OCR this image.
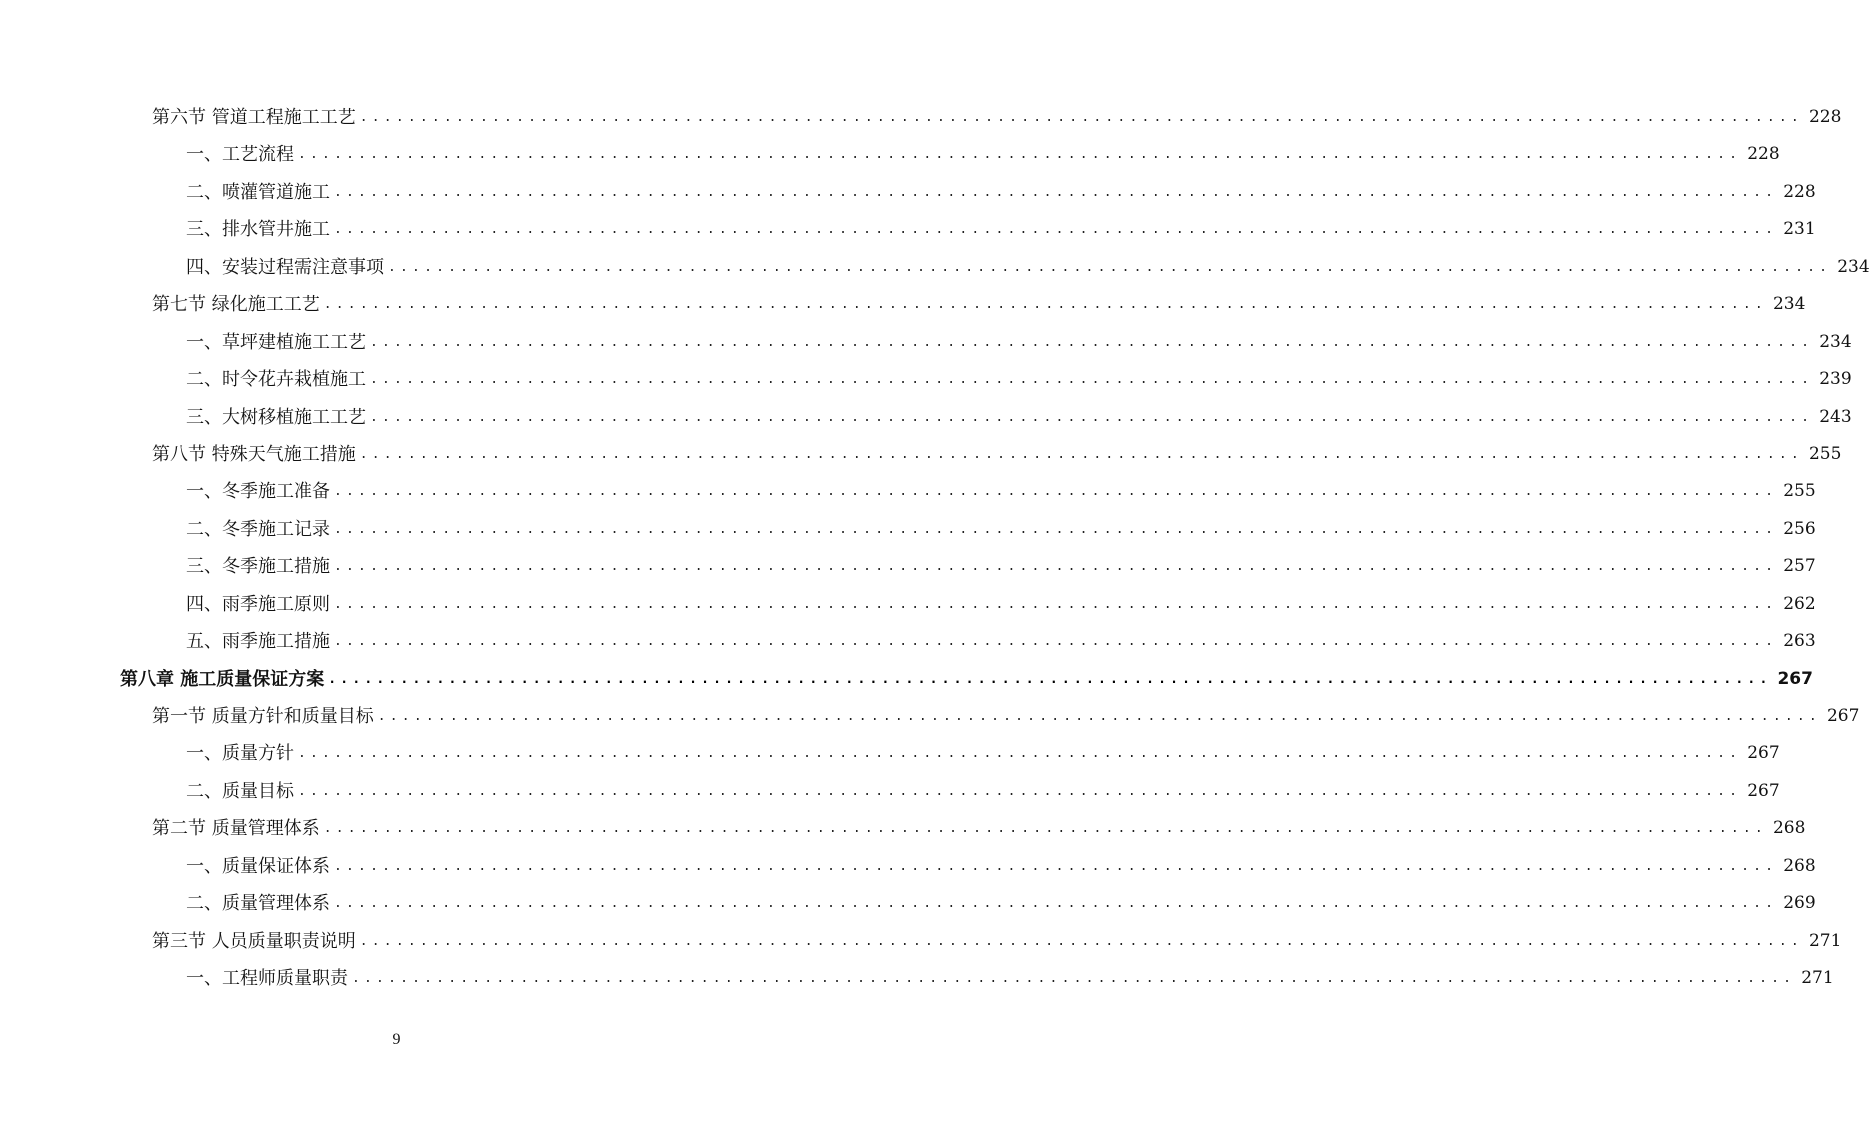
第六节 管道工程施工工艺 ........................................................................................................................ 228
一、工艺流程 ........................................................................................................................ 228
二、喷灌管道施工 ........................................................................................................................ 228
三、排水管井施工 ........................................................................................................................ 231
四、安装过程需注意事项 ........................................................................................................................ 234
第七节 绿化施工工艺 ........................................................................................................................ 234
一、草坪建植施工工艺 ........................................................................................................................ 234
二、时令花卉栽植施工 ........................................................................................................................ 239
三、大树移植施工工艺 ........................................................................................................................ 243
第八节 特殊天气施工措施 ........................................................................................................................ 255
一、冬季施工准备 ........................................................................................................................ 255
二、冬季施工记录 ........................................................................................................................ 256
三、冬季施工措施 ........................................................................................................................ 257
四、雨季施工原则 ........................................................................................................................ 262
五、雨季施工措施 ........................................................................................................................ 263
第八章 施工质量保证方案 ........................................................................................................................ 267
第一节 质量方针和质量目标 ........................................................................................................................ 267
一、质量方针 ........................................................................................................................ 267
二、质量目标 ........................................................................................................................ 267
第二节 质量管理体系 ........................................................................................................................ 268
一、质量保证体系 ........................................................................................................................ 268
二、质量管理体系 ........................................................................................................................ 269
第三节 人员质量职责说明 ........................................................................................................................ 271
一、工程师质量职责 ........................................................................................................................ 271
9
